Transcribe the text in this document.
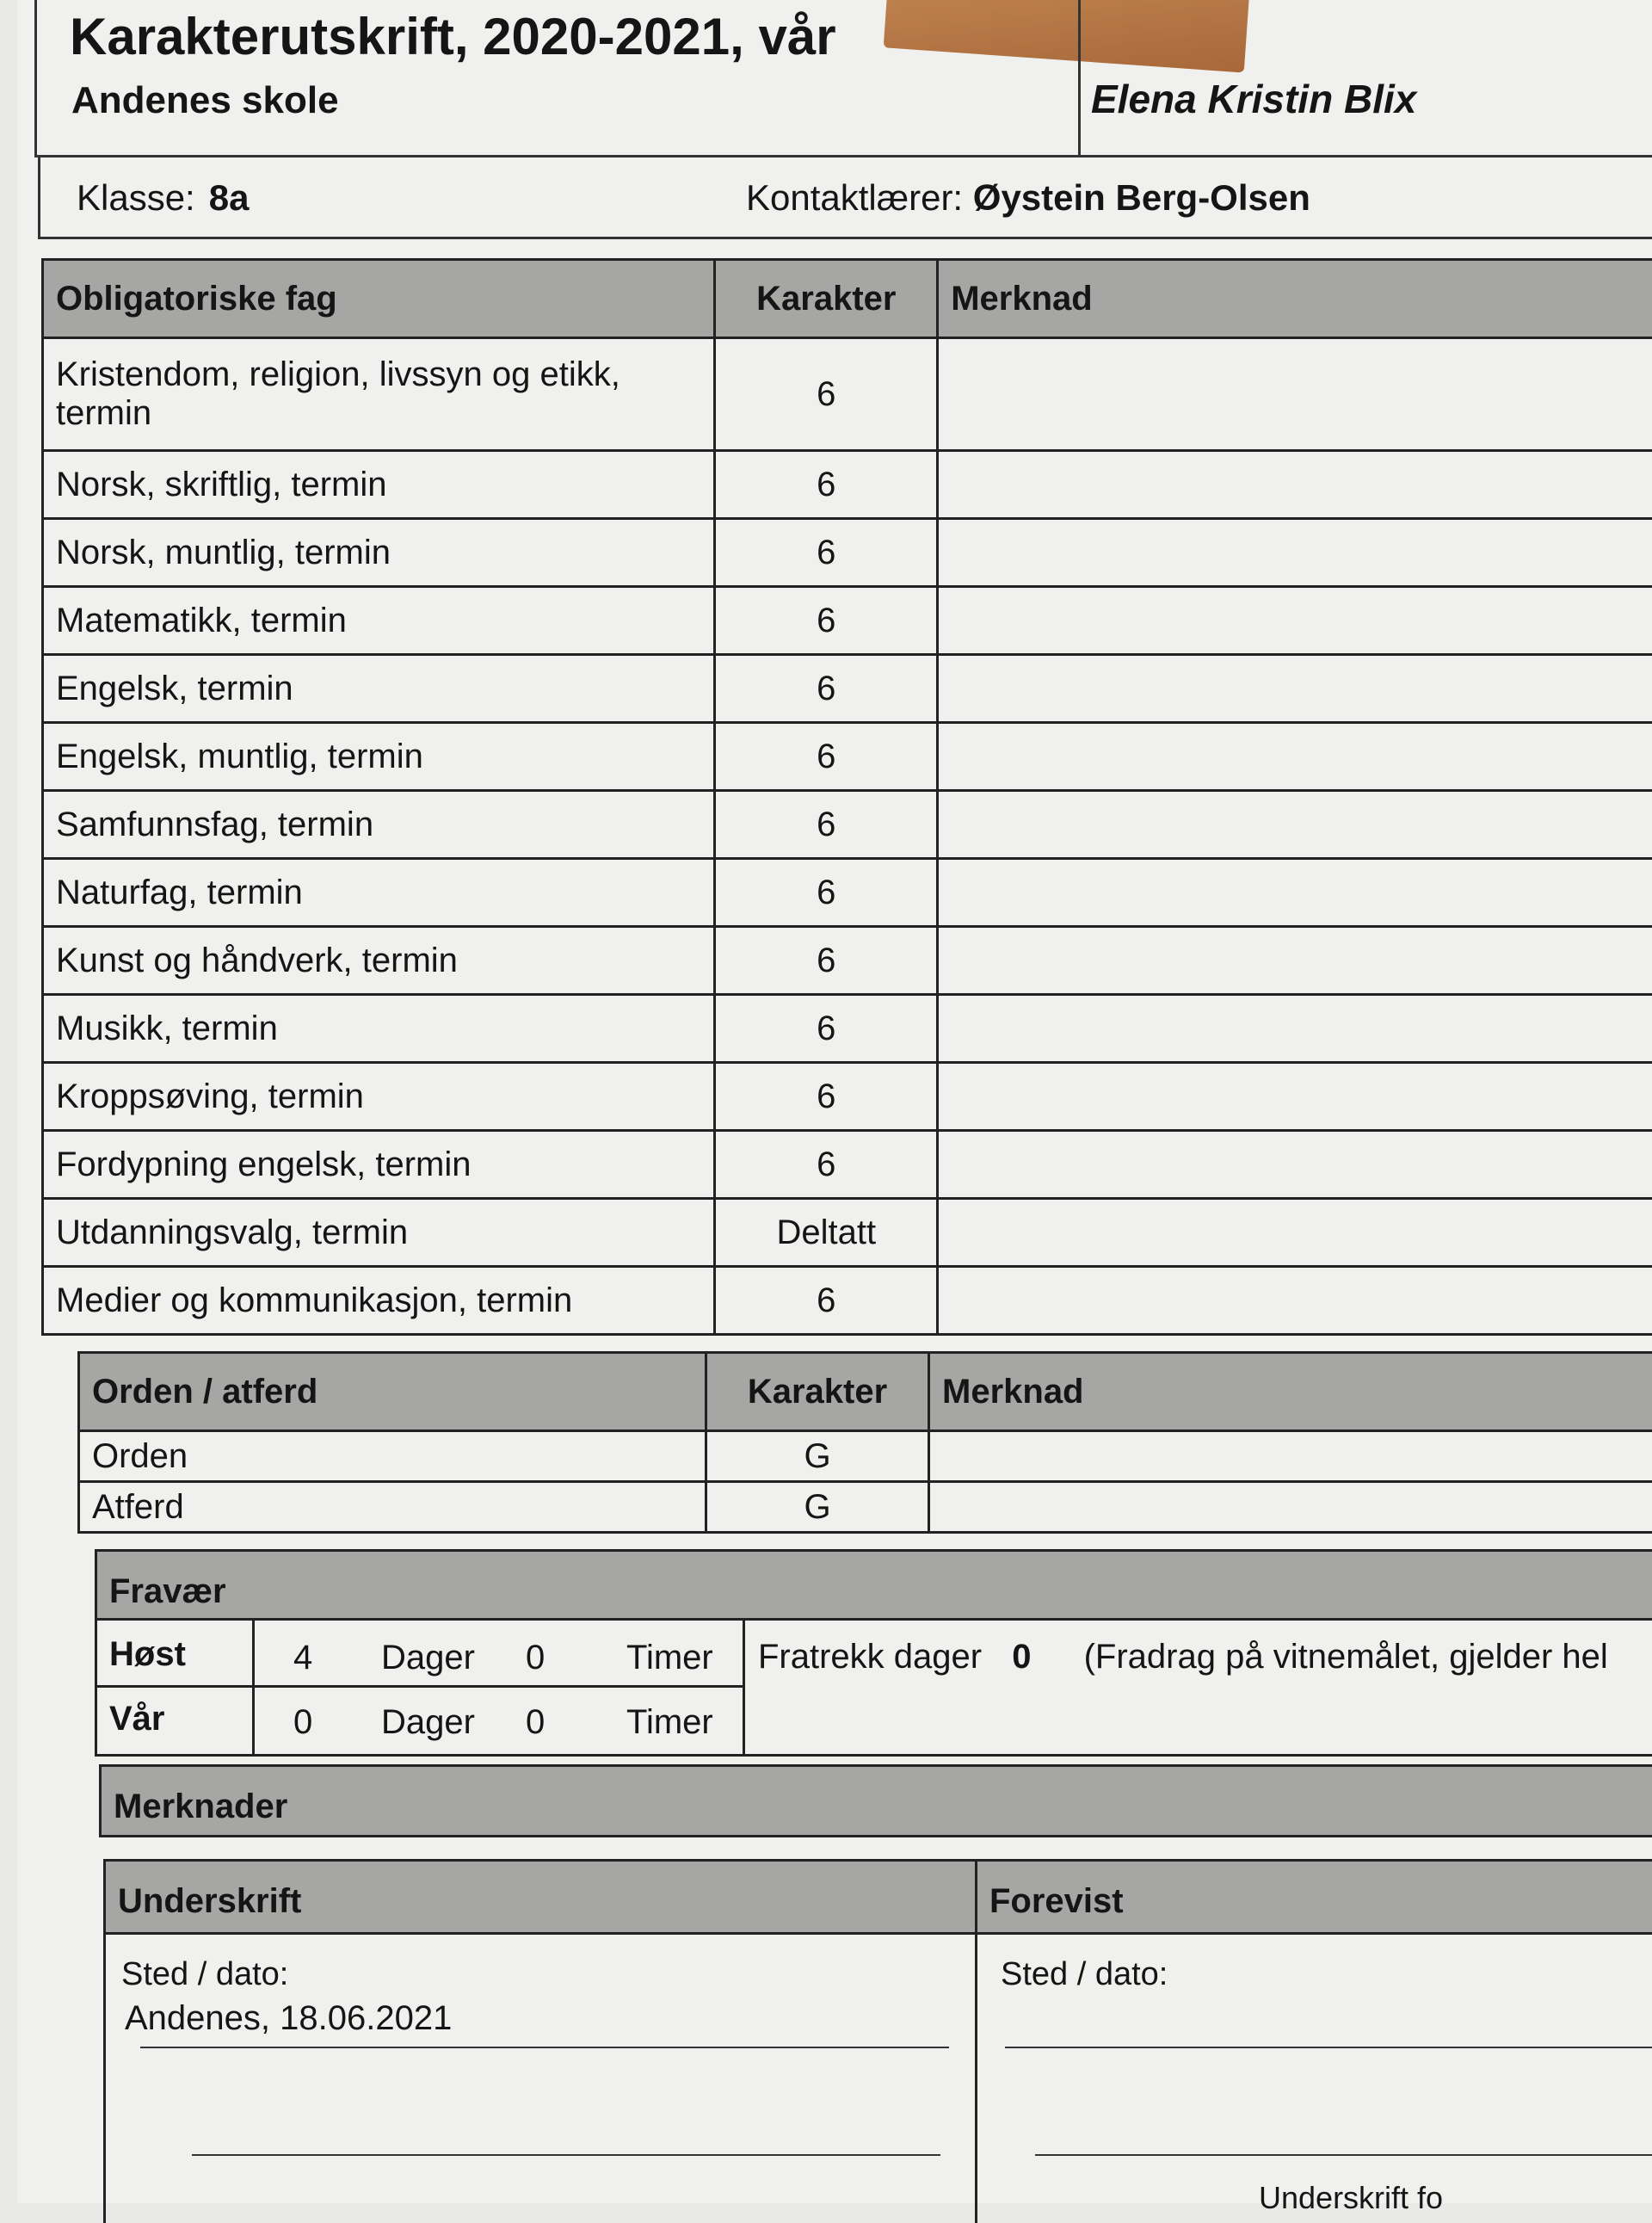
Karakterutskrift, 2020-2021, vår
Andenes skole	Elena Kristin Blix
Klasse: 8a	Kontaktlærer: Øystein Berg-Olsen
Obligatoriske fag	Karakter	Merknad
Kristendom, religion, livssyn og etikk, termin	6	
Norsk, skriftlig, termin	6	
Norsk, muntlig, termin	6	
Matematikk, termin	6	
Engelsk, termin	6	
Engelsk, muntlig, termin	6	
Samfunnsfag, termin	6	
Naturfag, termin	6	
Kunst og håndverk, termin	6	
Musikk, termin	6	
Kroppsøving, termin	6	
Fordypning engelsk, termin	6	
Utdanningsvalg, termin	Deltatt	
Medier og kommunikasjon, termin	6	
Orden / atferd	Karakter	Merknad
Orden	G	
Atferd	G	
Fravær
Høst	4 Dager 0 Timer
Vår	0 Dager 0 Timer
Fratrekk dager 0 (Fradrag på vitnemålet, gjelder hel
Merknader
Underskrift	Forevist
Sted / dato:
Andenes, 18.06.2021
Sted / dato:
Underskrift fo
